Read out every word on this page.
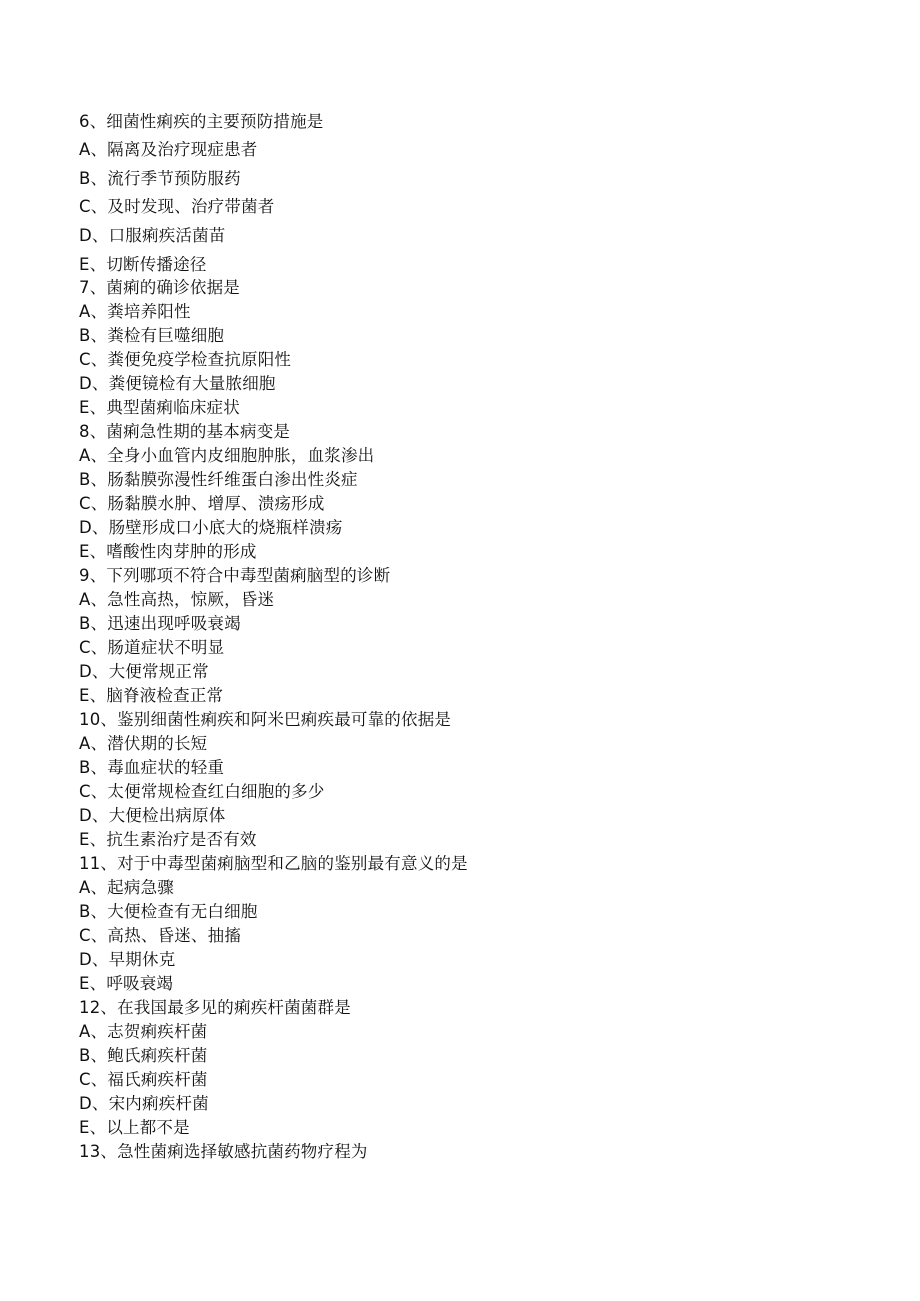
6、细菌性痢疾的主要预防措施是
A、隔离及治疗现症患者
B、流行季节预防服药
C、及时发现、治疗带菌者
D、口服痢疾活菌苗
E、切断传播途径
7、菌痢的确诊依据是
A、粪培养阳性
B、粪检有巨噬细胞
C、粪便免疫学检查抗原阳性
D、粪便镜检有大量脓细胞
E、典型菌痢临床症状
8、菌痢急性期的基本病变是
A、全身小血管内皮细胞肿胀，血浆渗出
B、肠黏膜弥漫性纤维蛋白渗出性炎症
C、肠黏膜水肿、增厚、溃疡形成
D、肠壁形成口小底大的烧瓶样溃疡
E、嗜酸性肉芽肿的形成
9、下列哪项不符合中毒型菌痢脑型的诊断
A、急性高热，惊厥，昏迷
B、迅速出现呼吸衰竭
C、肠道症状不明显
D、大便常规正常
E、脑脊液检查正常
10、鉴别细菌性痢疾和阿米巴痢疾最可靠的依据是
A、潜伏期的长短
B、毒血症状的轻重
C、太便常规检查红白细胞的多少
D、大便检出病原体
E、抗生素治疗是否有效
11、对于中毒型菌痢脑型和乙脑的鉴别最有意义的是
A、起病急骤
B、大便检查有无白细胞
C、高热、昏迷、抽搐
D、早期休克
E、呼吸衰竭
12、在我国最多见的痢疾杆菌菌群是
A、志贺痢疾杆菌
B、鲍氏痢疾杆菌
C、福氏痢疾杆菌
D、宋内痢疾杆菌
E、以上都不是
13、急性菌痢选择敏感抗菌药物疗程为
